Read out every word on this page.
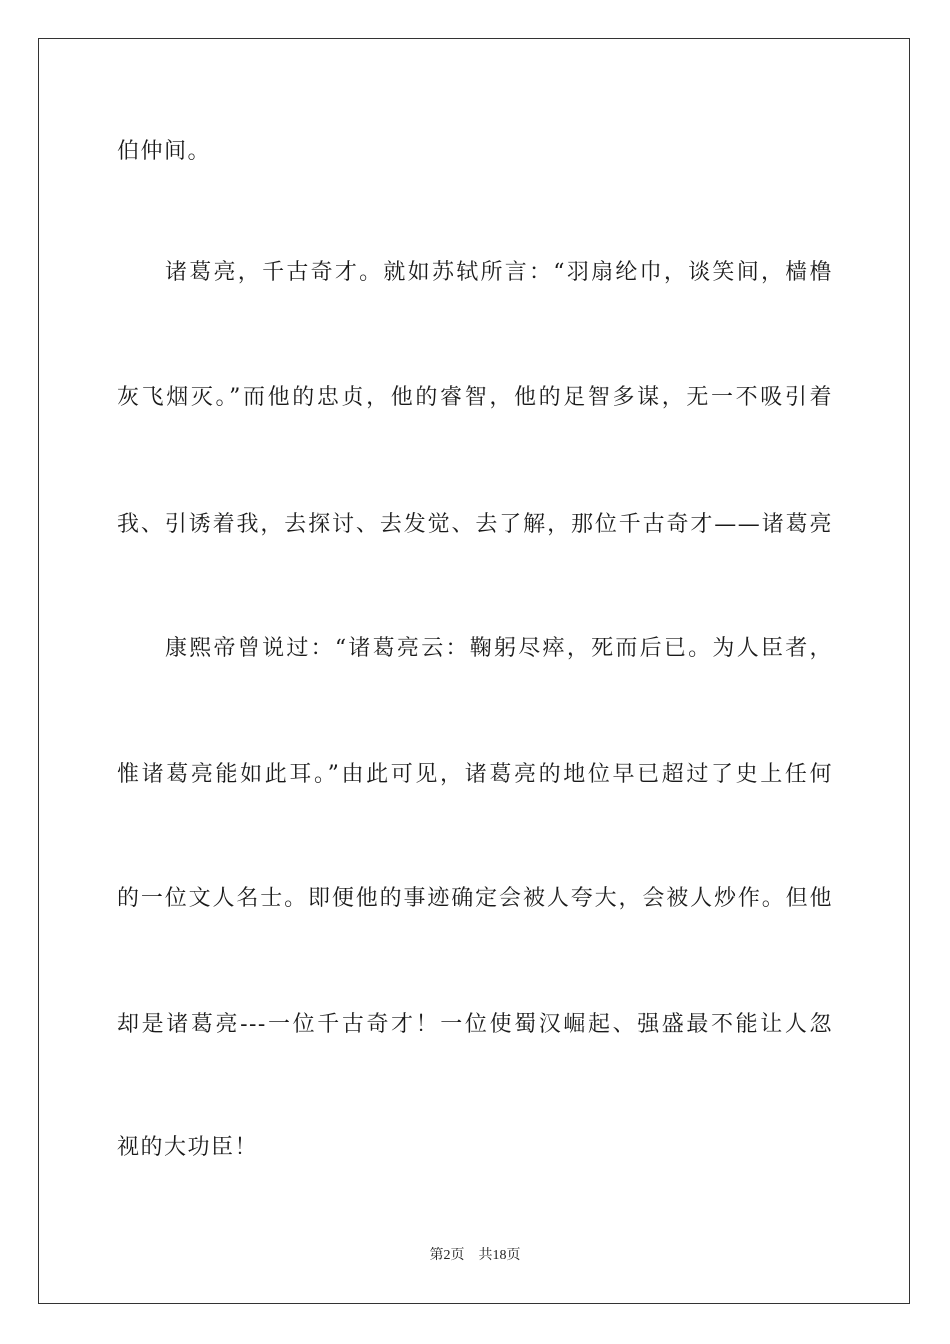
伯仲间。
诸葛亮，千古奇才。就如苏轼所言：“羽扇纶巾，谈笑间，樯橹
灰飞烟灭。”而他的忠贞，他的睿智，他的足智多谋，无一不吸引着
我、引诱着我，去探讨、去发觉、去了解，那位千古奇才——诸葛亮
康熙帝曾说过：“诸葛亮云：鞠躬尽瘁，死而后已。为人臣者，
惟诸葛亮能如此耳。”由此可见，诸葛亮的地位早已超过了史上任何
的一位文人名士。即便他的事迹确定会被人夸大，会被人炒作。但他
却是诸葛亮---一位千古奇才！一位使蜀汉崛起、强盛最不能让人忽
视的大功臣！
第2页 共18页
